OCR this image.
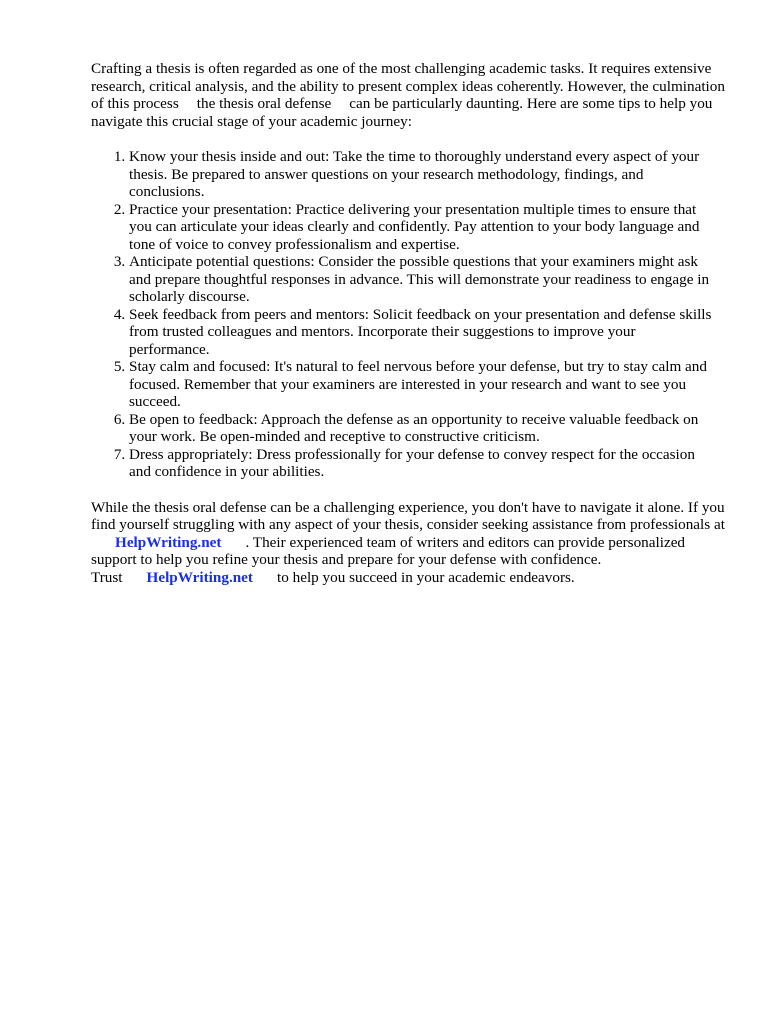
Crafting a thesis is often regarded as one of the most challenging academic tasks. It requires extensive research, critical analysis, and the ability to present complex ideas coherently. However, the culmination of this process the thesis oral defense can be particularly daunting. Here are some tips to help you navigate this crucial stage of your academic journey:

1. Know your thesis inside and out: Take the time to thoroughly understand every aspect of your thesis. Be prepared to answer questions on your research methodology, findings, and conclusions.
2. Practice your presentation: Practice delivering your presentation multiple times to ensure that you can articulate your ideas clearly and confidently. Pay attention to your body language and tone of voice to convey professionalism and expertise.
3. Anticipate potential questions: Consider the possible questions that your examiners might ask and prepare thoughtful responses in advance. This will demonstrate your readiness to engage in scholarly discourse.
4. Seek feedback from peers and mentors: Solicit feedback on your presentation and defense skills from trusted colleagues and mentors. Incorporate their suggestions to improve your performance.
5. Stay calm and focused: It's natural to feel nervous before your defense, but try to stay calm and focused. Remember that your examiners are interested in your research and want to see you succeed.
6. Be open to feedback: Approach the defense as an opportunity to receive valuable feedback on your work. Be open-minded and receptive to constructive criticism.
7. Dress appropriately: Dress professionally for your defense to convey respect for the occasion and confidence in your abilities.

While the thesis oral defense can be a challenging experience, you don't have to navigate it alone. If you find yourself struggling with any aspect of your thesis, consider seeking assistance from professionals atHelpWriting.net . Their experienced team of writers and editors can provide personalized support to help you refine your thesis and prepare for your defense with confidence.
Trust HelpWriting.net to help you succeed in your academic endeavors.
